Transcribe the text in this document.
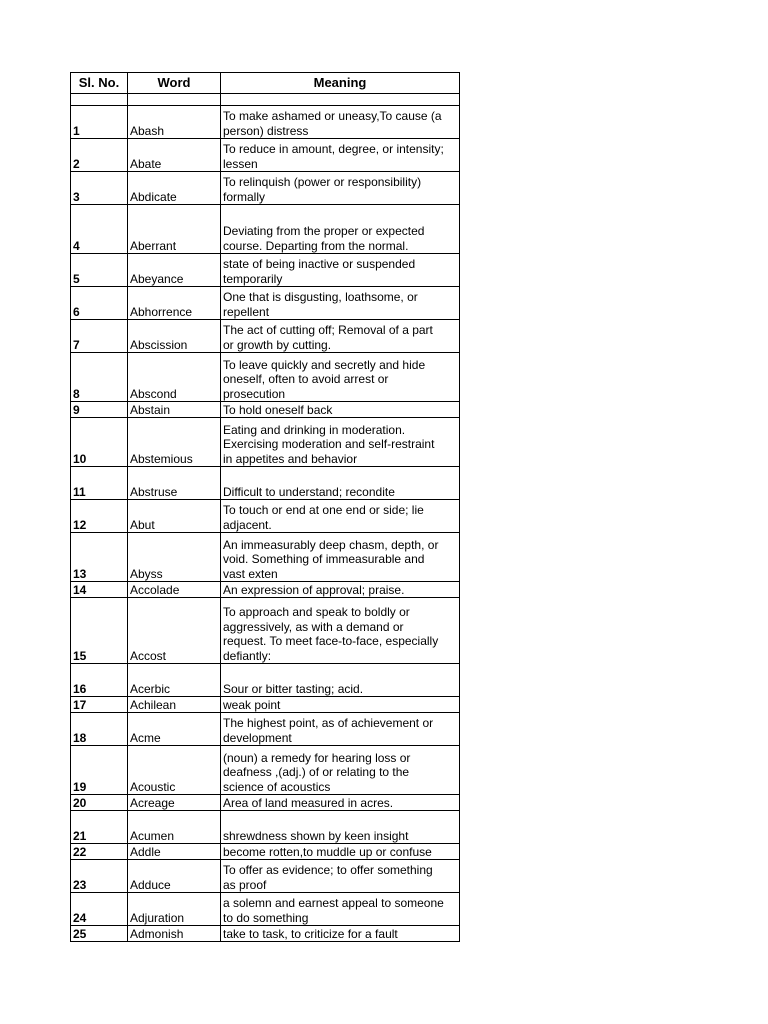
Sl. No.	Word	Meaning

1	Abash	To make ashamed or uneasy,To cause (a
person) distress
2	Abate	To reduce in amount, degree, or intensity;
lessen
3	Abdicate	To relinquish (power or responsibility)
formally
4	Aberrant	Deviating from the proper or expected
course. Departing from the normal.
5	Abeyance	state of being inactive or suspended
temporarily
6	Abhorrence	One that is disgusting, loathsome, or
repellent
7	Abscission	The act of cutting off; Removal of a part
or growth by cutting.
8	Abscond	To leave quickly and secretly and hide
oneself, often to avoid arrest or
prosecution
9	Abstain	To hold oneself back
10	Abstemious	Eating and drinking in moderation.
Exercising moderation and self-restraint
in appetites and behavior
11	Abstruse	Difficult to understand; recondite
12	Abut	To touch or end at one end or side; lie
adjacent.
13	Abyss	An immeasurably deep chasm, depth, or
void. Something of immeasurable and
vast exten
14	Accolade	An expression of approval; praise.
15	Accost	To approach and speak to boldly or
aggressively, as with a demand or
request. To meet face-to-face, especially
defiantly:
16	Acerbic	Sour or bitter tasting; acid.
17	Achilean	weak point
18	Acme	The highest point, as of achievement or
development
19	Acoustic	(noun) a remedy for hearing loss or
deafness ,(adj.) of or relating to the
science of acoustics
20	Acreage	Area of land measured in acres.
21	Acumen	shrewdness shown by keen insight
22	Addle	become rotten,to muddle up or confuse
23	Adduce	To offer as evidence; to offer something
as proof
24	Adjuration	a solemn and earnest appeal to someone
to do something
25	Admonish	take to task, to criticize for a fault
